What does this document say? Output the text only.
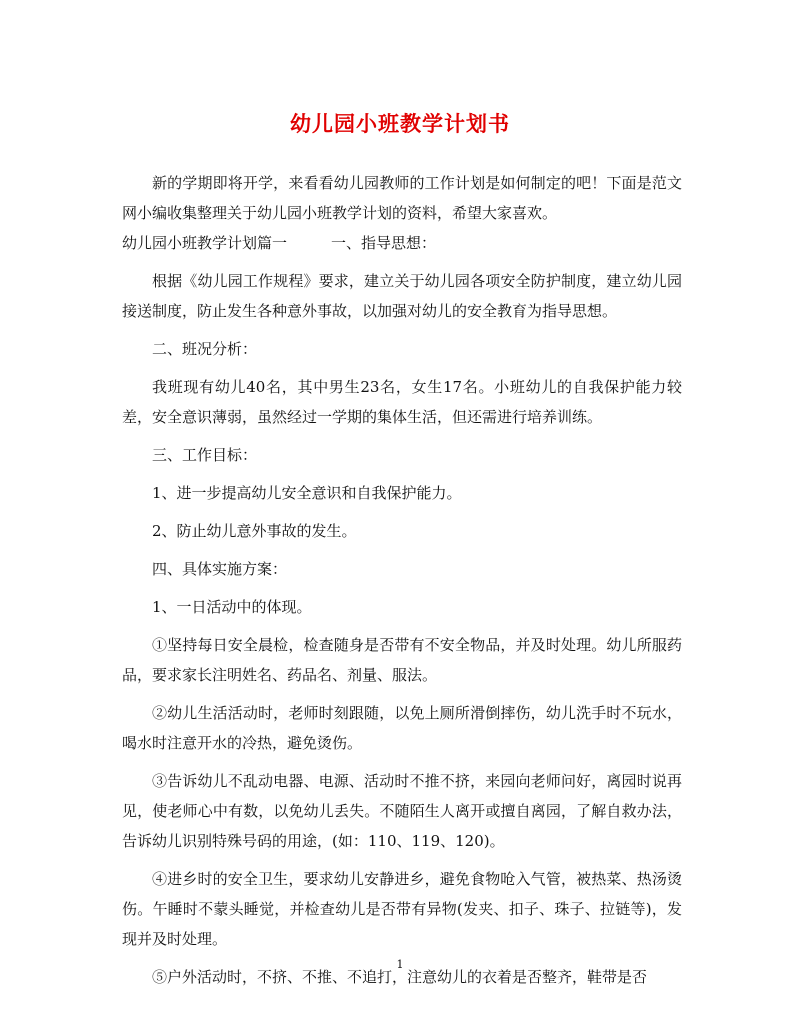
幼儿园小班教学计划书

新的学期即将开学，来看看幼儿园教师的工作计划是如何制定的吧！下面是范文网小编收集整理关于幼儿园小班教学计划的资料，希望大家喜欢。

幼儿园小班教学计划篇一	一、指导思想：

根据《幼儿园工作规程》要求，建立关于幼儿园各项安全防护制度，建立幼儿园接送制度，防止发生各种意外事故，以加强对幼儿的安全教育为指导思想。

二、班况分析：

我班现有幼儿40名，其中男生23名，女生17名。小班幼儿的自我保护能力较差，安全意识薄弱，虽然经过一学期的集体生活，但还需进行培养训练。

三、工作目标：

1、进一步提高幼儿安全意识和自我保护能力。

2、防止幼儿意外事故的发生。

四、具体实施方案：

1、一日活动中的体现。

①坚持每日安全晨检，检查随身是否带有不安全物品，并及时处理。幼儿所服药品，要求家长注明姓名、药品名、剂量、服法。

②幼儿生活活动时，老师时刻跟随，以免上厕所滑倒摔伤，幼儿洗手时不玩水，喝水时注意开水的冷热，避免烫伤。

③告诉幼儿不乱动电器、电源、活动时不推不挤，来园向老师问好，离园时说再见，使老师心中有数，以免幼儿丢失。不随陌生人离开或擅自离园，了解自救办法，告诉幼儿识别特殊号码的用途，(如：110、119、120)。

④进乡时的安全卫生，要求幼儿安静进乡，避免食物呛入气管，被热菜、热汤烫伤。午睡时不蒙头睡觉，并检查幼儿是否带有异物(发夹、扣子、珠子、拉链等)，发现并及时处理。

⑤户外活动时，不挤、不推、不追打，注意幼儿的衣着是否整齐，鞋带是否

1
